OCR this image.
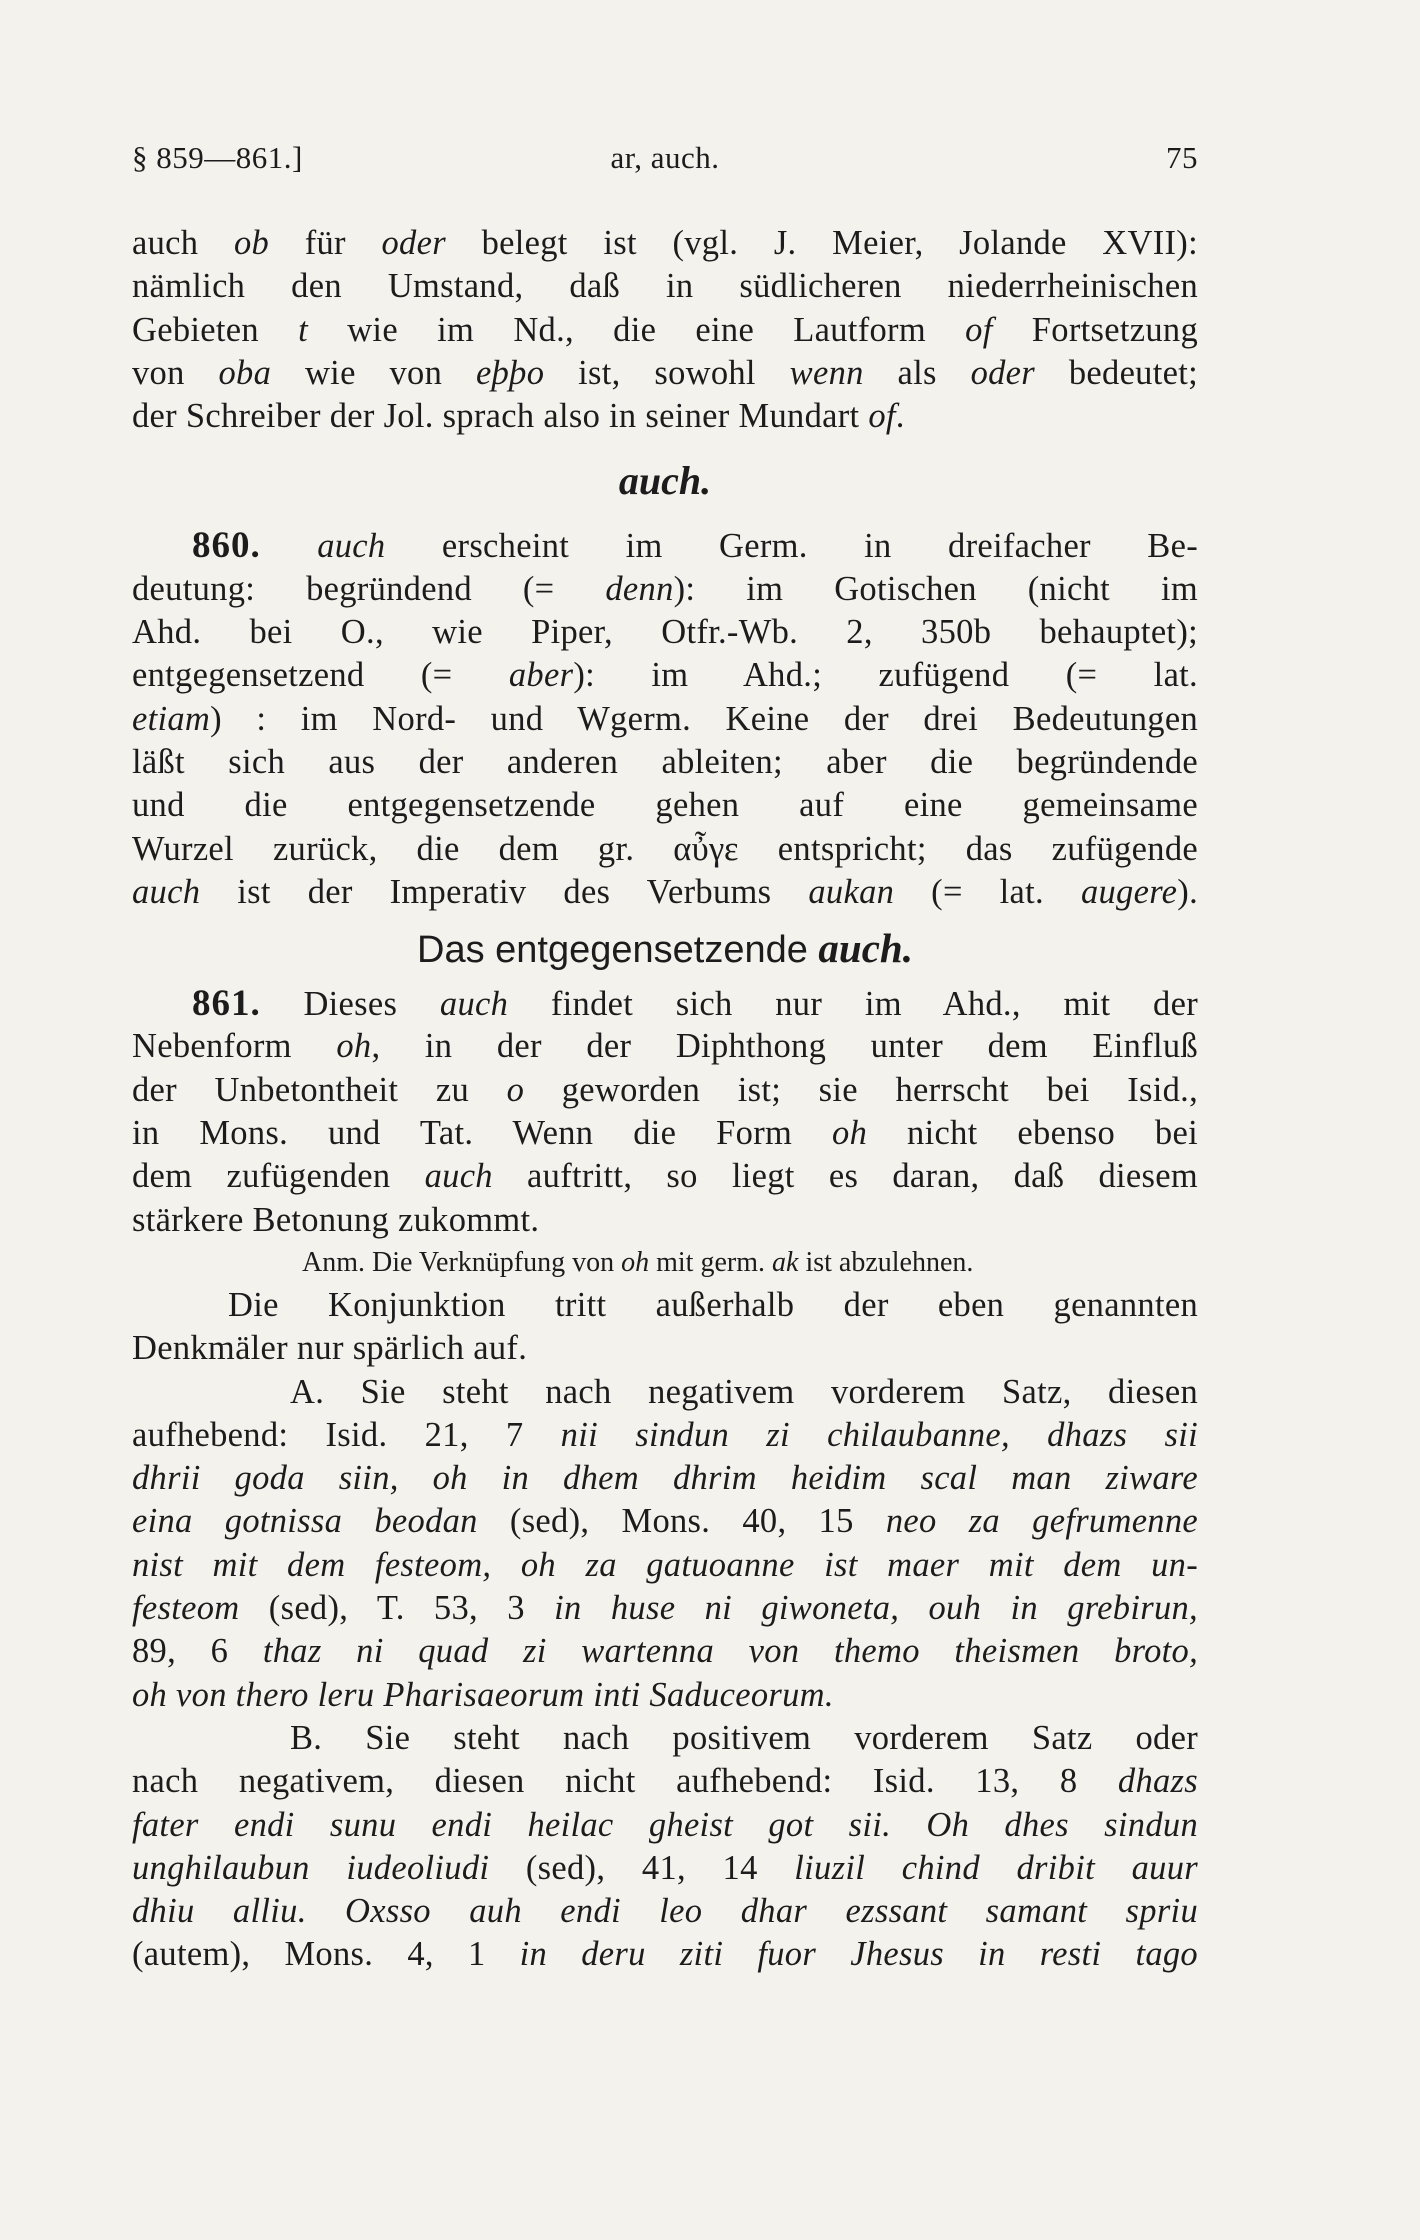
§ 859—861.]	ar, auch.	75
auch ob für oder belegt ist (vgl. J. Meier, Jolande XVII):
nämlich den Umstand, daß in südlicheren niederrheinischen
Gebieten t wie im Nd., die eine Lautform of Fortsetzung
von oba wie von eþþo ist, sowohl wenn als oder bedeutet;
der Schreiber der Jol. sprach also in seiner Mundart of.
auch.
860. auch erscheint im Germ. in dreifacher Be-
deutung: begründend (= denn): im Gotischen (nicht im
Ahd. bei O., wie Piper, Otfr.-Wb. 2, 350b behauptet);
entgegensetzend (= aber): im Ahd.; zufügend (= lat.
etiam) : im Nord- und Wgerm. Keine der drei Bedeutungen
läßt sich aus der anderen ableiten; aber die begründende
und die entgegensetzende gehen auf eine gemeinsame
Wurzel zurück, die dem gr. αὖγε entspricht; das zufügende
auch ist der Imperativ des Verbums aukan (= lat. augere).
Das entgegensetzende auch.
861. Dieses auch findet sich nur im Ahd., mit der
Nebenform oh, in der der Diphthong unter dem Einfluß
der Unbetontheit zu o geworden ist; sie herrscht bei Isid.,
in Mons. und Tat. Wenn die Form oh nicht ebenso bei
dem zufügenden auch auftritt, so liegt es daran, daß diesem
stärkere Betonung zukommt.
Anm. Die Verknüpfung von oh mit germ. ak ist abzulehnen.
Die Konjunktion tritt außerhalb der eben genannten
Denkmäler nur spärlich auf.
A. Sie steht nach negativem vorderem Satz, diesen
aufhebend: Isid. 21, 7 nii sindun zi chilaubanne, dhazs sii
dhrii goda siin, oh in dhem dhrim heidim scal man ziware
eina gotnissa beodan (sed), Mons. 40, 15 neo za gefrumenne
nist mit dem festeom, oh za gatuoanne ist maer mit dem un-
festeom (sed), T. 53, 3 in huse ni giwoneta, ouh in grebirun,
89, 6 thaz ni quad zi wartenna von themo theismen broto,
oh von thero leru Pharisaeorum inti Saduceorum.
B. Sie steht nach positivem vorderem Satz oder
nach negativem, diesen nicht aufhebend: Isid. 13, 8 dhazs
fater endi sunu endi heilac gheist got sii. Oh dhes sindun
unghilaubun iudeoliudi (sed), 41, 14 liuzil chind dribit auur
dhiu alliu. Oxsso auh endi leo dhar ezssant samant spriu
(autem), Mons. 4, 1 in deru ziti fuor Jhesus in resti tago
